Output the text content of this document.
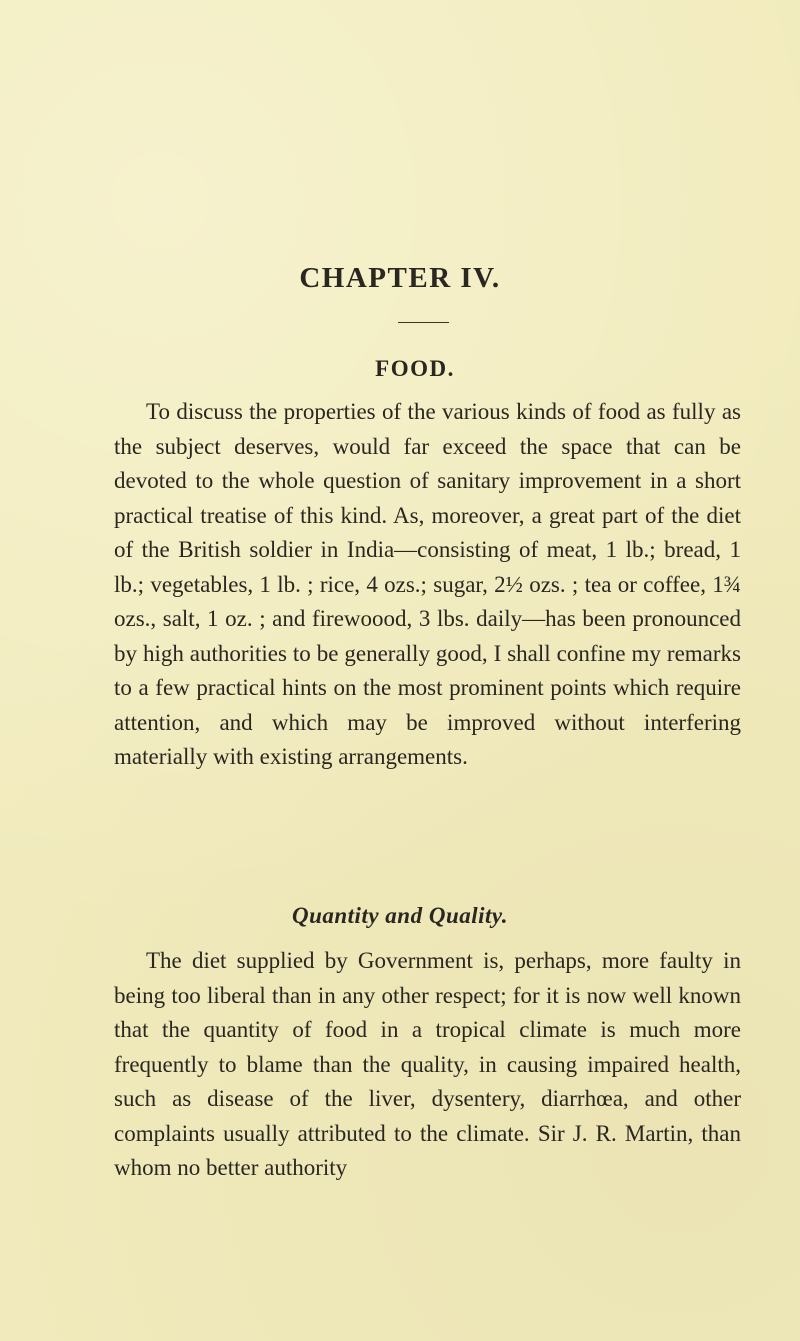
CHAPTER IV.
FOOD.

To discuss the properties of the various kinds of food as fully as the subject deserves, would far exceed the space that can be devoted to the whole question of sanitary improvement in a short practical treatise of this kind. As, moreover, a great part of the diet of the British soldier in India—consisting of meat, 1 lb.; bread, 1 lb.; vegetables, 1 lb. ; rice, 4 ozs.; sugar, 2½ ozs. ; tea or coffee, 1¾ ozs., salt, 1 oz. ; and firewoood, 3 lbs. daily—has been pronounced by high authorities to be generally good, I shall confine my remarks to a few practical hints on the most prominent points which require attention, and which may be improved without interfering materially with existing arrangements.

Quantity and Quality.

The diet supplied by Government is, perhaps, more faulty in being too liberal than in any other respect; for it is now well known that the quantity of food in a tropical climate is much more frequently to blame than the quality, in causing impaired health, such as disease of the liver, dysentery, diarrhœa, and other complaints usually attributed to the climate. Sir J. R. Martin, than whom no better authority
